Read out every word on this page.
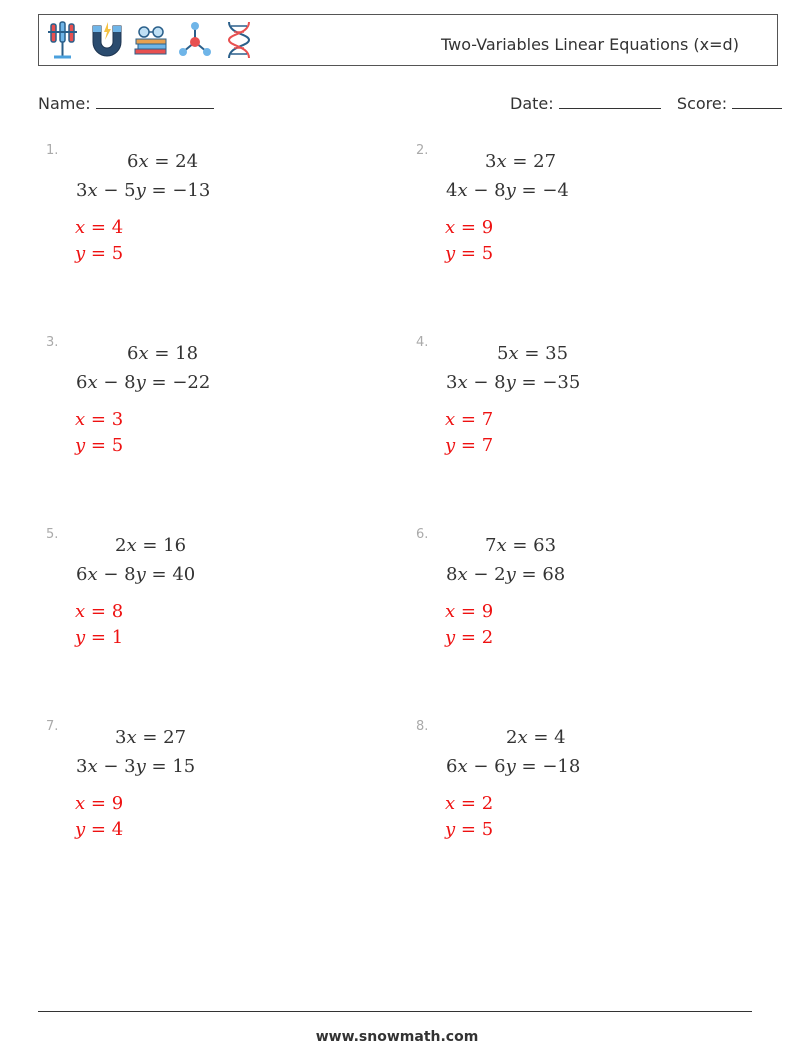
Two-Variables Linear Equations (x=d)
Name:	Date:	Score:
1.
6x = 24
3x − 5y = −13
x = 4
y = 5
2.
3x = 27
4x − 8y = −4
x = 9
y = 5
3.
6x = 18
6x − 8y = −22
x = 3
y = 5
4.
5x = 35
3x − 8y = −35
x = 7
y = 7
5.
2x = 16
6x − 8y = 40
x = 8
y = 1
6.
7x = 63
8x − 2y = 68
x = 9
y = 2
7.
3x = 27
3x − 3y = 15
x = 9
y = 4
8.
2x = 4
6x − 6y = −18
x = 2
y = 5
www.snowmath.com
